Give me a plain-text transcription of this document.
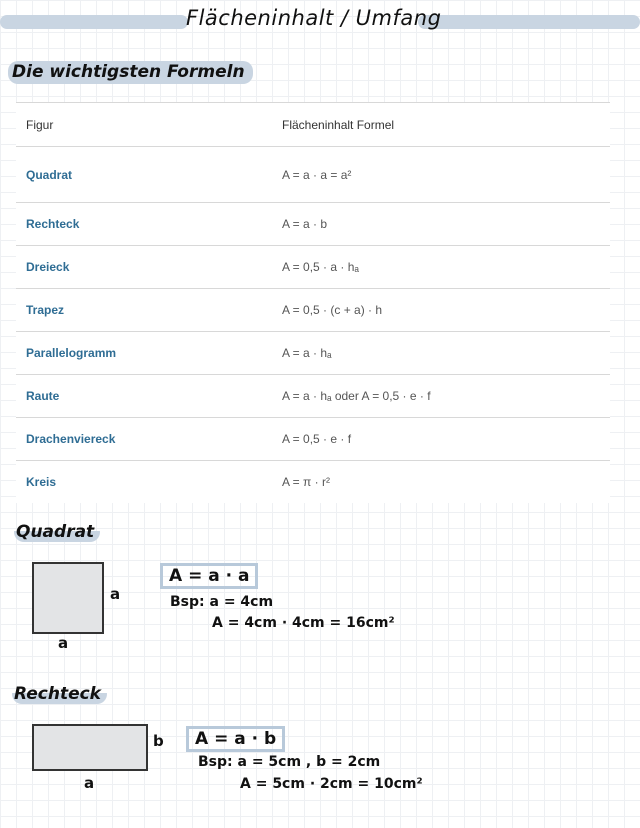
Flächeninhalt / Umfang
Die wichtigsten Formeln
Figur	Flächeninhalt Formel
Quadrat	A = a · a = a²
Rechteck	A = a · b
Dreieck	A = 0,5 · a · hₐ
Trapez	A = 0,5 · (c + a) · h
Parallelogramm	A = a · hₐ
Raute	A = a · hₐ oder A = 0,5 · e · f
Drachenviereck	A = 0,5 · e · f
Kreis	A = π · r²
Quadrat
a
a
A = a · a
Bsp: a = 4cm
A = 4cm · 4cm = 16cm²
Rechteck
b
a
A = a · b
Bsp: a = 5cm , b = 2cm
A = 5cm · 2cm = 10cm²
